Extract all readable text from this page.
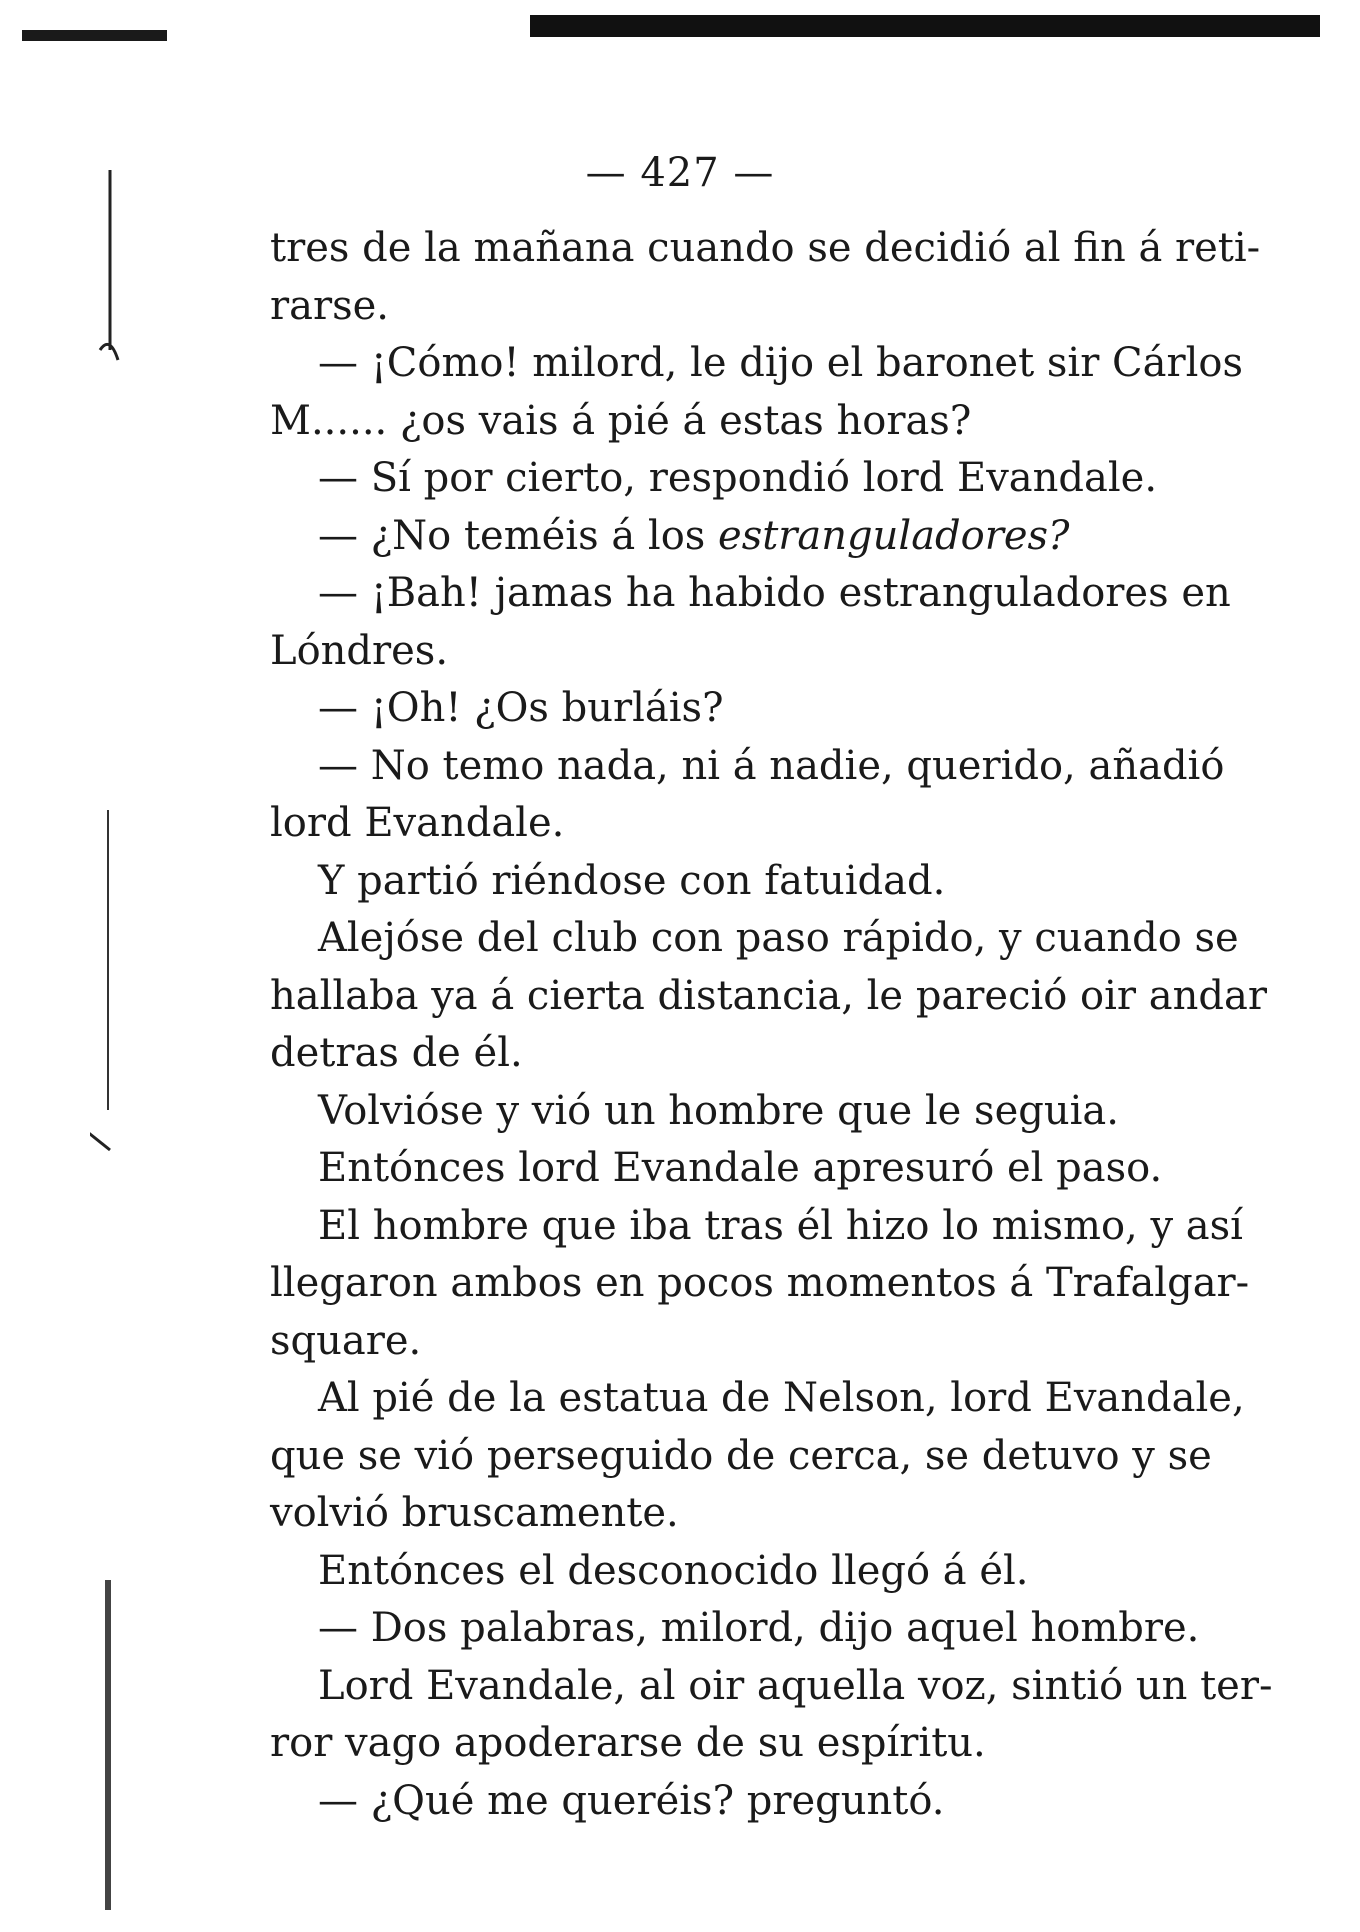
— 427 —
tres de la mañana cuando se decidió al fin á reti-
rarse.
— ¡Cómo! milord, le dijo el baronet sir Cárlos
M...... ¿os vais á pié á estas horas?
— Sí por cierto, respondió lord Evandale.
— ¿No teméis á los estranguladores?
— ¡Bah! jamas ha habido estranguladores en
Lóndres.
— ¡Oh! ¿Os burláis?
— No temo nada, ni á nadie, querido, añadió
lord Evandale.
Y partió riéndose con fatuidad.
Alejóse del club con paso rápido, y cuando se
hallaba ya á cierta distancia, le pareció oir andar
detras de él.
Volvióse y vió un hombre que le seguia.
Entónces lord Evandale apresuró el paso.
El hombre que iba tras él hizo lo mismo, y así
llegaron ambos en pocos momentos á Trafalgar-
square.
Al pié de la estatua de Nelson, lord Evandale,
que se vió perseguido de cerca, se detuvo y se
volvió bruscamente.
Entónces el desconocido llegó á él.
— Dos palabras, milord, dijo aquel hombre.
Lord Evandale, al oir aquella voz, sintió un ter-
ror vago apoderarse de su espíritu.
— ¿Qué me queréis? preguntó.
